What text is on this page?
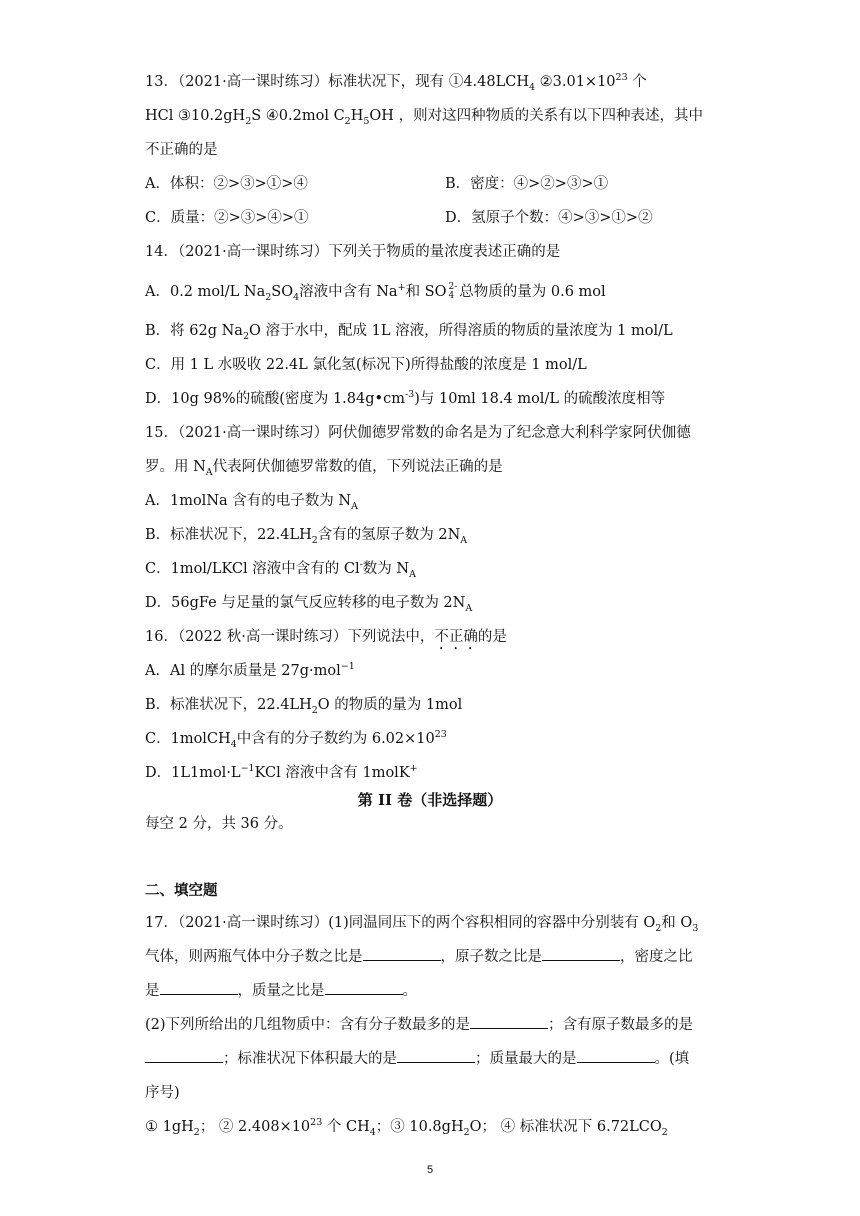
13．（2021·高一课时练习）标准状况下，现有 $①4.48LCH_4$ $②3.01\times 10^{23}$ 个
HCl $③10.2gH_2S$ ④0.2mol $C_2H_5OH$ ，则对这四种物质的关系有以下四种表述，其中
不正确的是
A．体积：②>③>①>④	B．密度：④>②>③>①
C．质量：②>③>④>①	D．氢原子个数：④>③>①>②
14．（2021·高一课时练习）下列关于物质的量浓度表述正确的是
A．0.2 mol/L $Na_2SO_4$溶液中含有 Na+和 SO 2-
4 总物质的量为 0.6 mol
B．将 62g $Na_2O$ 溶于水中，配成 1L 溶液，所得溶质的物质的量浓度为 1 mol/L
C．用 1 L 水吸收 22.4L 氯化氢(标况下)所得盐酸的浓度是 1 mol/L
D．10g 98%的硫酸(密度为 $1.84g•cm^{-3}$)与 10ml 18.4 mol/L 的硫酸浓度相等
15．（2021·高一课时练习）阿伏伽德罗常数的命名是为了纪念意大利科学家阿伏伽德
罗。用 $N_A$代表阿伏伽德罗常数的值，下列说法正确的是
A．1molNa 含有的电子数为 $N_A$
B．标准状况下，$22.4LH_2$含有的氢原子数为 $2N_A$
C．1mol/LKCl 溶液中含有的 Cl-数为 $N_A$
D．56gFe 与足量的氯气反应转移的电子数为 $2N_A$
16．（2022 秋·高一课时练习）下列说法中，不正确的是
A．Al 的摩尔质量是 27g·mol$^{-1}$
B．标准状况下，$22.4LH_2O$ 的物质的量为 1mol
C．1molCH$_4$中含有的分子数约为 $6.02\times 10^{23}$
D．$1L1mol\cdot L^{-1}KCl$ 溶液中含有 1molK+
第 II 卷（非选择题）
每空 2 分，共 36 分。
二、填空题
17．（2021·高一课时练习）(1)同温同压下的两个容积相同的容器中分别装有 $O_2$和 $O_3$
气体，则两瓶气体中分子数之比是	，原子数之比是	，密度之比
是	，质量之比是	。
(2)下列所给出的几组物质中：含有分子数最多的是	；含有原子数最多的是
；标准状况下体积最大的是	；质量最大的是	。(填
序号)
① $1gH_2$； ② $2.408\times 10^{23}$ 个 $CH_4$；③ $10.8gH_2O$； ④ 标准状况下 $6.72LCO_2$
5
